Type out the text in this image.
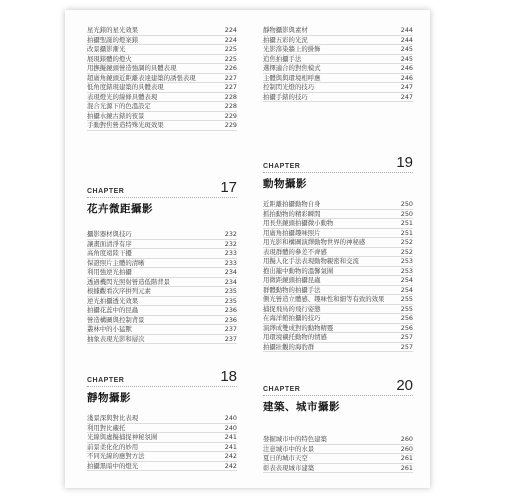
星光錶的星光效果	224
拍攝聖誕的燈案錶	224
改景攝影漸光	225
展現錶體的燈火	225
用撫擬鏡頭營造強調的具體表現	226
超廣角鏡頭近距離表達建築的誘張表現	227
低角度錶現建築的具體表現	227
表現燈光的線條具體表現	228
混合光源下的色溫設定	228
拍攝水鏡古錶的夜景	229
手動對焦營造特殊光斑效果	229
靜物攝影與素材	244
拍攝五彩的光況	244
光影滲染牆上的掛飾	245
追焦拍攝手法	245
選擇適合的對焦模式	246
主體與與環境相呼應	246
控制閃光燈的技巧	247
拍攝手錶的技巧	247
CHAPTER	17
花卉微距攝影
攝影器材與技巧	232
讓畫面清淨有序	232
高角度遠陸干擾	233
保證照片主體的清晰	233
利用強逆光拍攝	234
透過機閃光照射營造低階背景	234
根據觀看次序拼列元素	235
逆光拍攝透光效果	235
拍攝花蕊中的昆蟲	236
營造構圖與控制背景	236
叢林中的小猛獸	237
抽象表現光影和層次	237
CHAPTER	18
靜物攝影
淺景深與對比表現	240
利用對比襯托	240
光線與虛擬捕捉神秘氛圍	241
前景柔化化的妙用	241
不同光線的應對方法	242
拍攝黑暗中的燈光	242
CHAPTER	19
動物攝影
近距離拍攝動物自身	250
抓拍動物的精彩瞬間	250
用長焦鏡頭拍攝微小動物	251
用廣角拍攝趣味照片	251
用光影和構圖演繹動物世界的神秘感	252
表現群體的參差不齊感	252
用擬人化手法表現動物親密和交流	253
抱出籠中動物的溫馨氣圍	253
用微距鏡頭拍攝昆蟲	254
群體動物的拍攝手法	254
側光營造立體感、趣味性和細等有致的效果	255
捕捉飛鳥的飛行姿態	255
在海洋館拍攝的技巧	256
演繹成雙成對的動物精靈	256
用環境襯托動物的情感	257
拍攝壯觀的海豹群	257
CHAPTER	20
建築、城市攝影
發掘城市中的特色建築	260
注意城市中的水景	260
夏日的城市天空	261
彰表表現城市建築	261
